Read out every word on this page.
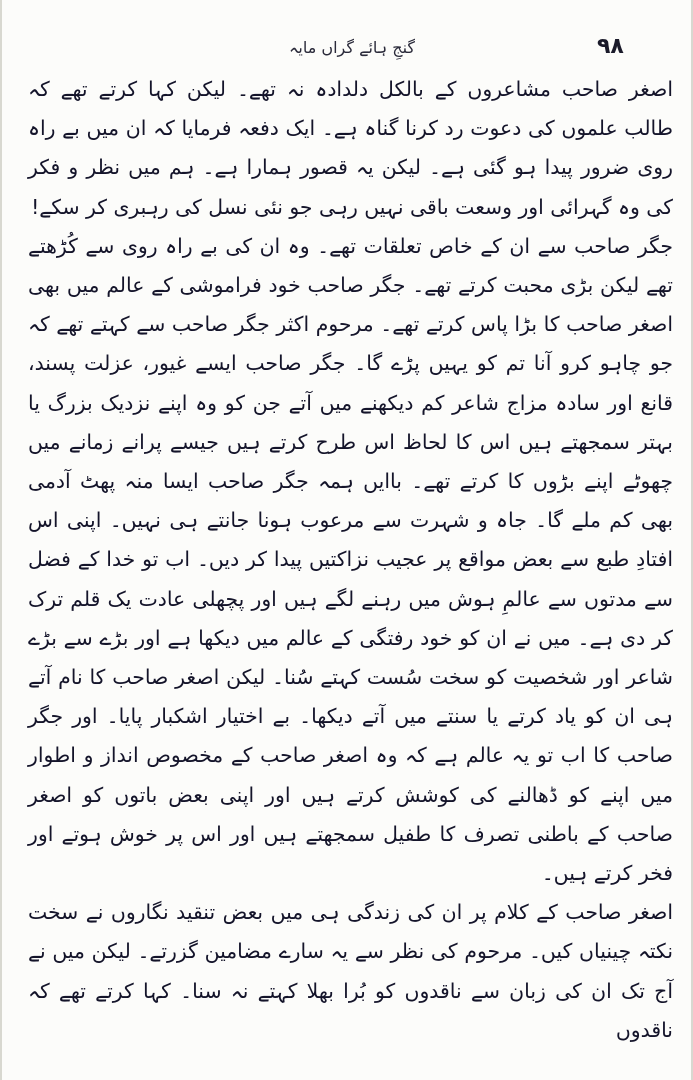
گنجِ ہائے گراں مایہ	۹۸

اصغر صاحب مشاعروں کے بالکل دلدادہ نہ تھے۔ لیکن کہا کرتے تھے کہ طالب علموں کی دعوت رد کرنا گناہ ہے۔ ایک دفعہ فرمایا کہ ان میں بے راہ روی ضرور پیدا ہو گئی ہے۔ لیکن یہ قصور ہمارا ہے۔ ہم میں نظر و فکر کی وہ گہرائی اور وسعت باقی نہیں رہی جو نئی نسل کی رہبری کر سکے!

جگر صاحب سے ان کے خاص تعلقات تھے۔ وہ ان کی بے راہ روی سے کُڑھتے تھے لیکن بڑی محبت کرتے تھے۔ جگر صاحب خود فراموشی کے عالم میں بھی اصغر صاحب کا بڑا پاس کرتے تھے۔ مرحوم اکثر جگر صاحب سے کہتے تھے کہ جو چاہو کرو آنا تم کو یہیں پڑے گا۔ جگر صاحب ایسے غیور، عزلت پسند، قانع اور سادہ مزاج شاعر کم دیکھنے میں آتے جن کو وہ اپنے نزدیک بزرگ یا بہتر سمجھتے ہیں اس کا لحاظ اس طرح کرتے ہیں جیسے پرانے زمانے میں چھوٹے اپنے بڑوں کا کرتے تھے۔ باایں ہمہ جگر صاحب ایسا منہ پھٹ آدمی بھی کم ملے گا۔ جاہ و شہرت سے مرعوب ہونا جانتے ہی نہیں۔ اپنی اس افتادِ طبع سے بعض مواقع پر عجیب نزاکتیں پیدا کر دیں۔ اب تو خدا کے فضل سے مدتوں سے عالمِ ہوش میں رہنے لگے ہیں اور پچھلی عادت یک قلم ترک کر دی ہے۔ میں نے ان کو خود رفتگی کے عالم میں دیکھا ہے اور بڑے سے بڑے شاعر اور شخصیت کو سخت سُست کہتے سُنا۔ لیکن اصغر صاحب کا نام آتے ہی ان کو یاد کرتے یا سنتے میں آتے دیکھا۔ بے اختیار اشکبار پایا۔ اور جگر صاحب کا اب تو یہ عالم ہے کہ وہ اصغر صاحب کے مخصوص انداز و اطوار میں اپنے کو ڈھالنے کی کوشش کرتے ہیں اور اپنی بعض باتوں کو اصغر صاحب کے باطنی تصرف کا طفیل سمجھتے ہیں اور اس پر خوش ہوتے اور فخر کرتے ہیں۔

اصغر صاحب کے کلام پر ان کی زندگی ہی میں بعض تنقید نگاروں نے سخت نکتہ چینیاں کیں۔ مرحوم کی نظر سے یہ سارے مضامین گزرتے۔ لیکن میں نے آج تک ان کی زبان سے ناقدوں کو بُرا بھلا کہتے نہ سنا۔ کہا کرتے تھے کہ ناقدوں
